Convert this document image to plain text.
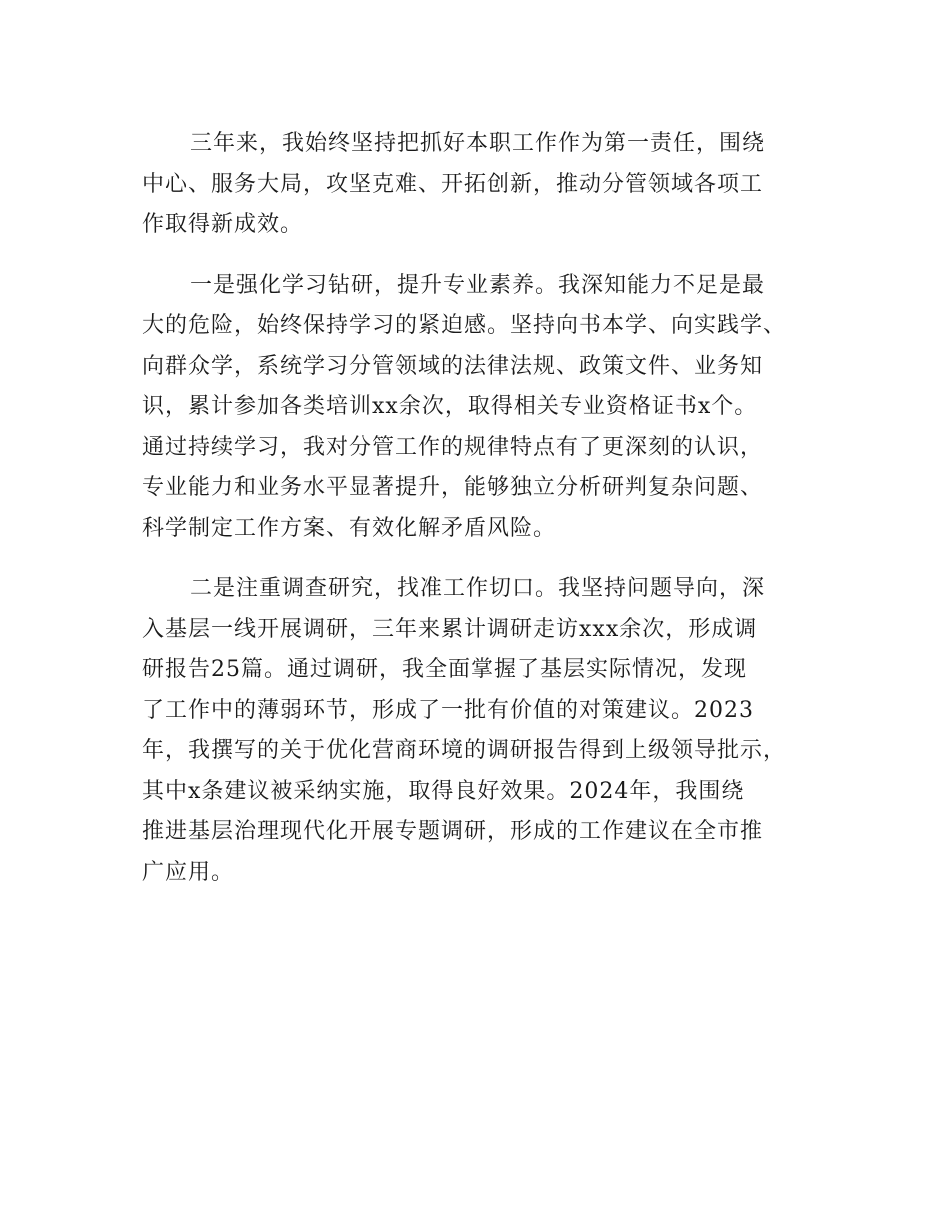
三年来，我始终坚持把抓好本职工作作为第一责任，围绕
中心、服务大局，攻坚克难、开拓创新，推动分管领域各项工
作取得新成效。

一是强化学习钻研，提升专业素养。我深知能力不足是最
大的危险，始终保持学习的紧迫感。坚持向书本学、向实践学、
向群众学，系统学习分管领域的法律法规、政策文件、业务知
识，累计参加各类培训xx余次，取得相关专业资格证书x个。
通过持续学习，我对分管工作的规律特点有了更深刻的认识，
专业能力和业务水平显著提升，能够独立分析研判复杂问题、
科学制定工作方案、有效化解矛盾风险。

二是注重调查研究，找准工作切口。我坚持问题导向，深
入基层一线开展调研，三年来累计调研走访xxx余次，形成调
研报告25篇。通过调研，我全面掌握了基层实际情况，发现
了工作中的薄弱环节，形成了一批有价值的对策建议。2023
年，我撰写的关于优化营商环境的调研报告得到上级领导批示，
其中x条建议被采纳实施，取得良好效果。2024年，我围绕
推进基层治理现代化开展专题调研，形成的工作建议在全市推
广应用。
